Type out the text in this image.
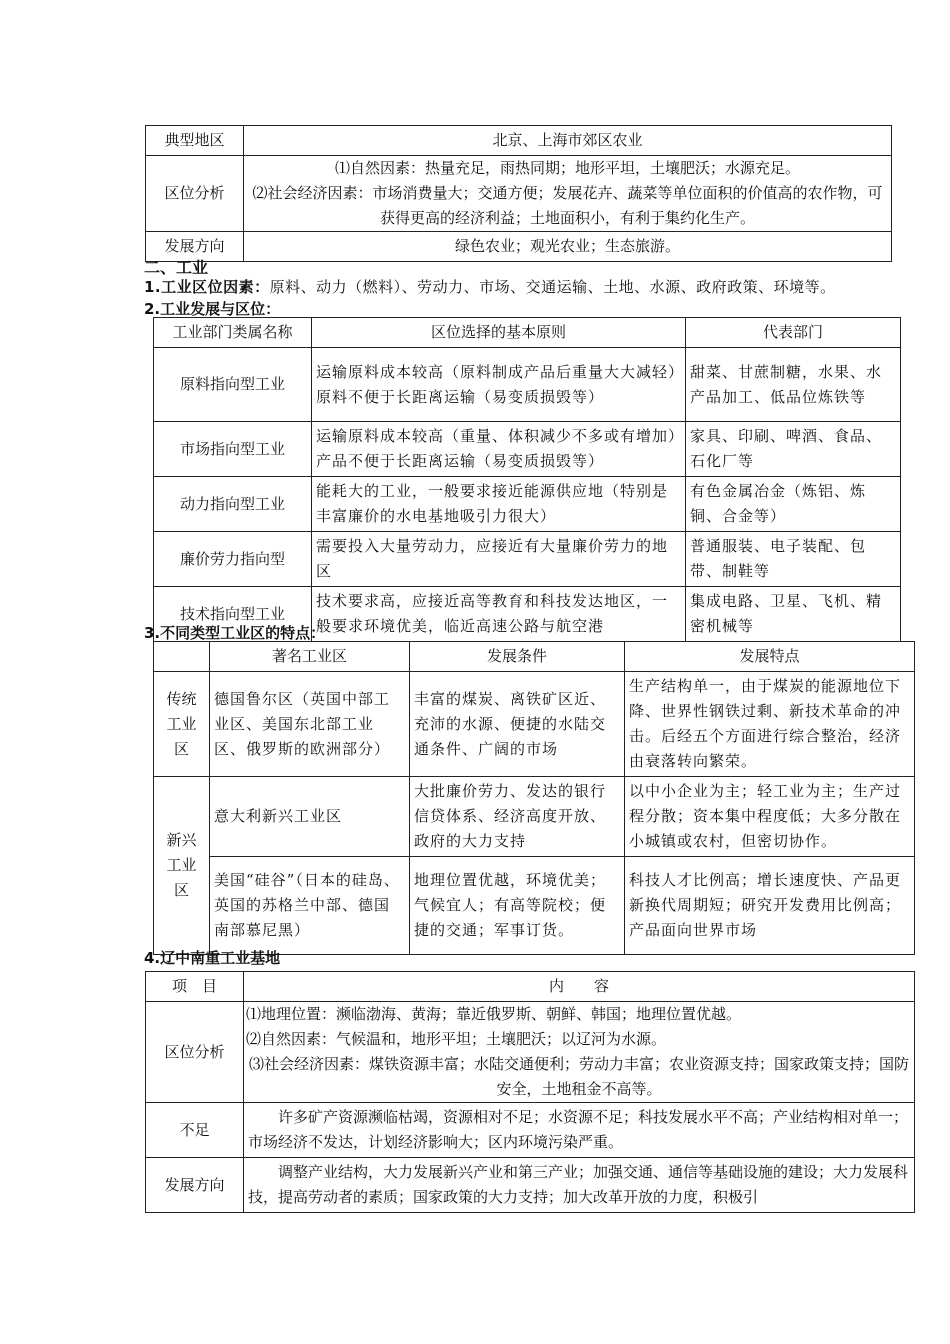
典型地区	北京、上海市郊区农业
区位分析	⑴自然因素：热量充足，雨热同期；地形平坦，土壤肥沃；水源充足。
⑵社会经济因素：市场消费量大；交通方便；发展花卉、蔬菜等单位面积的价值高的农作物，可获得更高的经济利益；土地面积小，有利于集约化生产。

发展方向	绿色农业；观光农业；生态旅游。
二、工业
1.工业区位因素：原料、动力（燃料）、劳动力、市场、交通运输、土地、水源、政府政策、环境等。
2.工业发展与区位：
工业部门类属名称	区位选择的基本原则	代表部门
原料指向型工业	运输原料成本较高（原料制成产品后重量大大减轻）原料不便于长距离运输（易变质损毁等）	甜菜、甘蔗制糖，水果、水产品加工、低品位炼铁等
市场指向型工业	运输原料成本较高（重量、体积减少不多或有增加）产品不便于长距离运输（易变质损毁等）	家具、印刷、啤酒、食品、石化厂等
动力指向型工业	能耗大的工业，一般要求接近能源供应地（特别是丰富廉价的水电基地吸引力很大）	有色金属冶金（炼铝、炼铜、合金等）
廉价劳力指向型	需要投入大量劳动力，应接近有大量廉价劳力的地区	普通服装、电子装配、包带、制鞋等
技术指向型工业	技术要求高，应接近高等教育和科技发达地区，一般要求环境优美，临近高速公路与航空港	集成电路、卫星、飞机、精密机械等
3.不同类型工业区的特点：
	著名工业区	发展条件	发展特点
传统工业区	德国鲁尔区（英国中部工业区、美国东北部工业区、俄罗斯的欧洲部分）	丰富的煤炭、离铁矿区近、充沛的水源、便捷的水陆交通条件、广阔的市场	生产结构单一，由于煤炭的能源地位下降、世界性钢铁过剩、新技术革命的冲击。后经五个方面进行综合整治，经济由衰落转向繁荣。
新兴工业区	意大利新兴工业区	大批廉价劳力、发达的银行信贷体系、经济高度开放、政府的大力支持	以中小企业为主；轻工业为主；生产过程分散；资本集中程度低；大多分散在小城镇或农村，但密切协作。
	美国“硅谷”（日本的硅岛、英国的苏格兰中部、德国南部慕尼黑）	地理位置优越，环境优美；气候宜人；有高等院校；便捷的交通；军事订货。	科技人才比例高；增长速度快、产品更新换代周期短；研究开发费用比例高；产品面向世界市场
4.辽中南重工业基地
项　目	内　　容
区位分析	⑴地理位置：濒临渤海、黄海；靠近俄罗斯、朝鲜、韩国；地理位置优越。
⑵自然因素：气候温和，地形平坦；土壤肥沃；以辽河为水源。
⑶社会经济因素：煤铁资源丰富；水陆交通便利；劳动力丰富；农业资源支持；国家政策支持；国防安全，土地租金不高等。

不足	许多矿产资源濒临枯竭，资源相对不足；水资源不足；科技发展水平不高；产业结构相对单一；市场经济不发达，计划经济影响大；区内环境污染严重。
发展方向	调整产业结构，大力发展新兴产业和第三产业；加强交通、通信等基础设施的建设；大力发展科技，提高劳动者的素质；国家政策的大力支持；加大改革开放的力度，积极引
